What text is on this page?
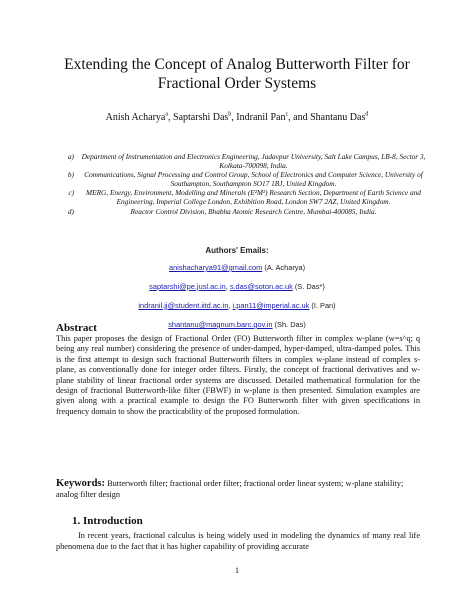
Extending the Concept of Analog Butterworth Filter for
Fractional Order Systems
Anish Acharya$^a$, Saptarshi Das$^b$, Indranil Pan$^c$, and Shantanu Das$^d$
a)	Department of Instrumentation and Electronics Engineering, Jadavpur University, Salt Lake Campus, LB-8, Sector 3, Kolkata-700098, India.
b)	Communications, Signal Processing and Control Group, School of Electronics and Computer Science, University of Southampton, Southampton SO17 1BJ, United Kingdom.
c)	MERG, Energy, Environment, Modelling and Minerals (E²M²) Research Section, Department of Earth Science and Engineering, Imperial College London, Exhibition Road, London SW7 2AZ, United Kingdom.
d)	Reactor Control Division, Bhabha Atomic Research Centre, Mumbai-400085, India.
Authors' Emails:
anishacharya91@gmail.com (A. Acharya)
saptarshi@pe.jusl.ac.in, s.das@soton.ac.uk (S. Das*)
indranil.jj@student.iitd.ac.in, i.pan11@imperial.ac.uk (I. Pan)
shantanu@magnum.barc.gov.in (Sh. Das)
Abstract
This paper proposes the design of Fractional Order (FO) Butterworth filter in complex w-plane (w=s^q; q being any real number) considering the presence of under-damped, hyper-damped, ultra-damped poles. This is the first attempt to design such fractional Butterworth filters in complex w-plane instead of complex s-plane, as conventionally done for integer order filters. Firstly, the concept of fractional derivatives and w-plane stability of linear fractional order systems are discussed. Detailed mathematical formulation for the design of fractional Butterworth-like filter (FBWF) in w-plane is then presented. Simulation examples are given along with a practical example to design the FO Butterworth filter with given specifications in frequency domain to show the practicability of the proposed formulation.
Keywords: Butterworth filter; fractional order filter; fractional order linear system; w-plane stability; analog filter design
1. Introduction
In recent years, fractional calculus is being widely used in modeling the dynamics of many real life phenomena due to the fact that it has higher capability of providing accurate
1
